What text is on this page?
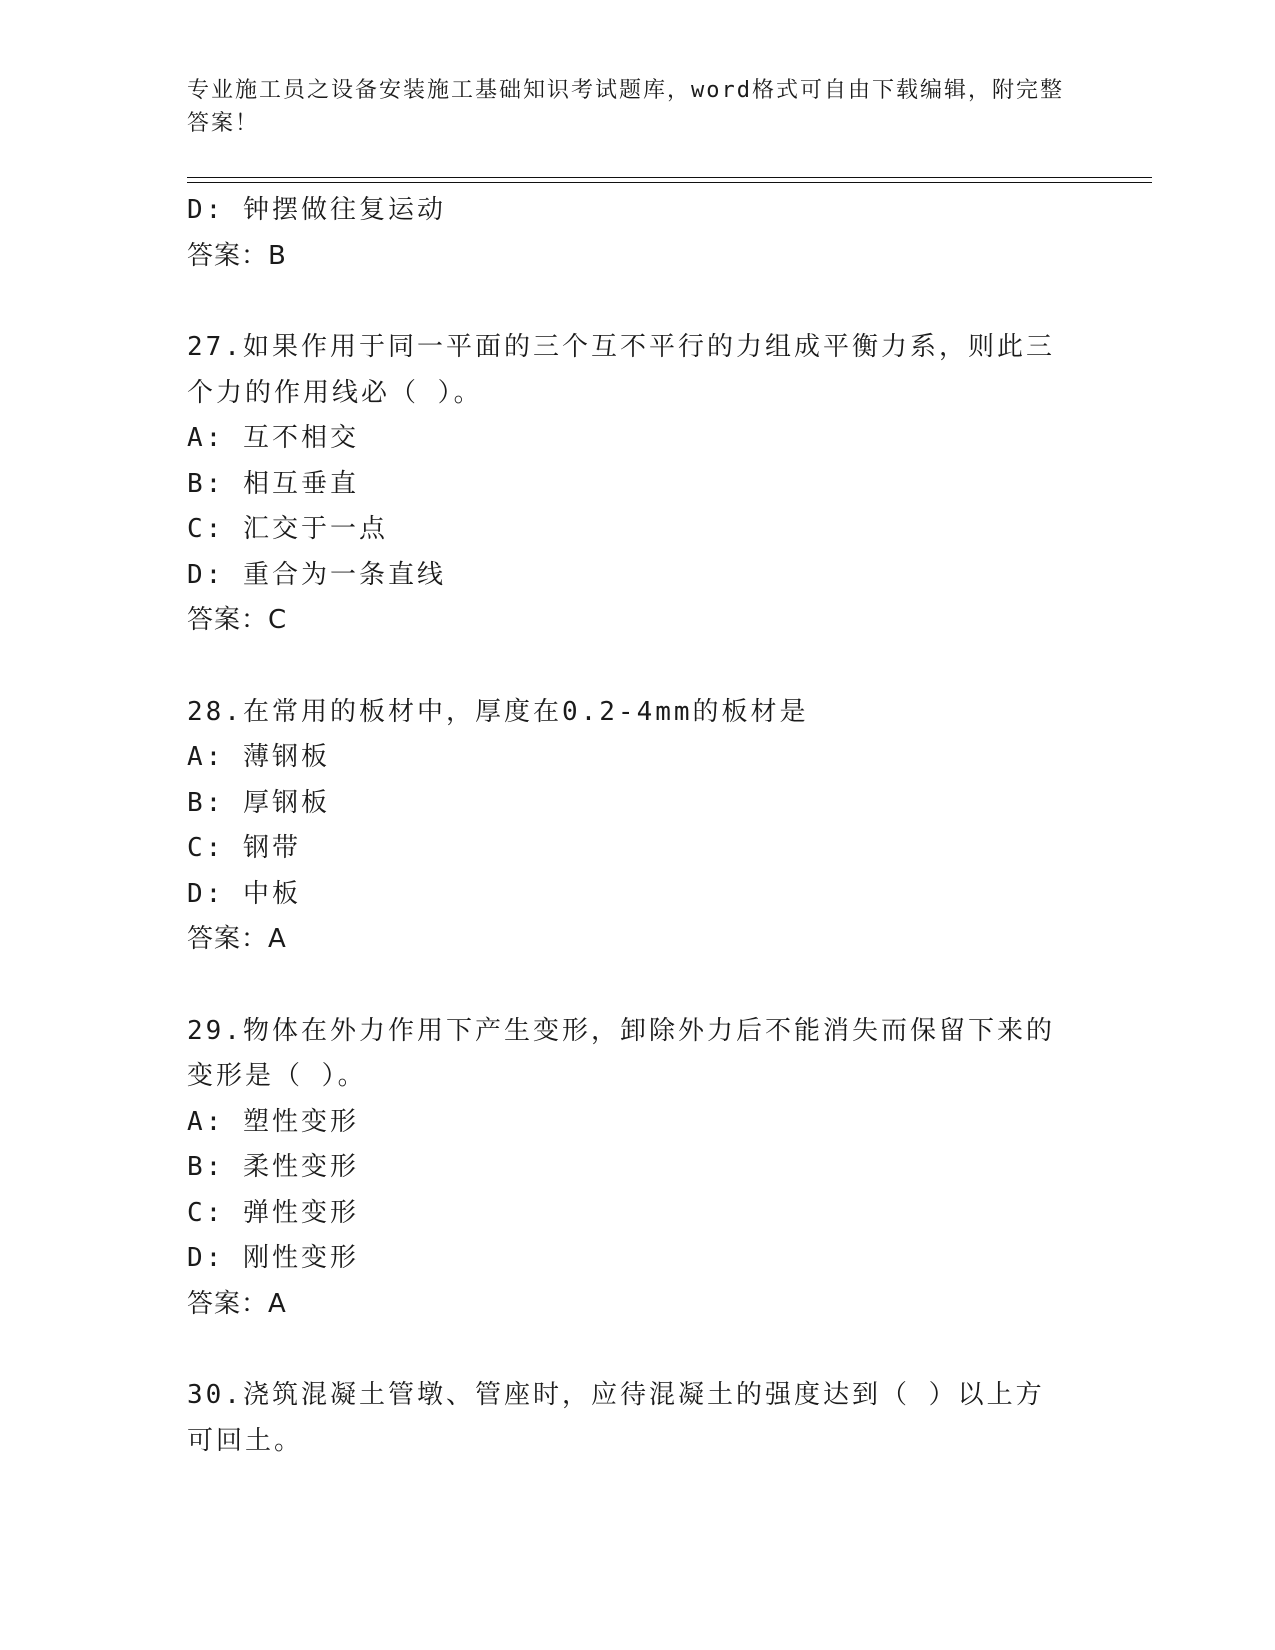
专业施工员之设备安装施工基础知识考试题库，word格式可自由下载编辑，附完整答案！
D: 钟摆做往复运动
答案：B
27.如果作用于同一平面的三个互不平行的力组成平衡力系，则此三个力的作用线必（ ）。
A: 互不相交
B: 相互垂直
C: 汇交于一点
D: 重合为一条直线
答案：C
28.在常用的板材中，厚度在0.2-4mm的板材是
A: 薄钢板
B: 厚钢板
C: 钢带
D: 中板
答案：A
29.物体在外力作用下产生变形，卸除外力后不能消失而保留下来的变形是（ ）。
A: 塑性变形
B: 柔性变形
C: 弹性变形
D: 刚性变形
答案：A
30.浇筑混凝土管墩、管座时，应待混凝土的强度达到（ ）以上方可回土。
